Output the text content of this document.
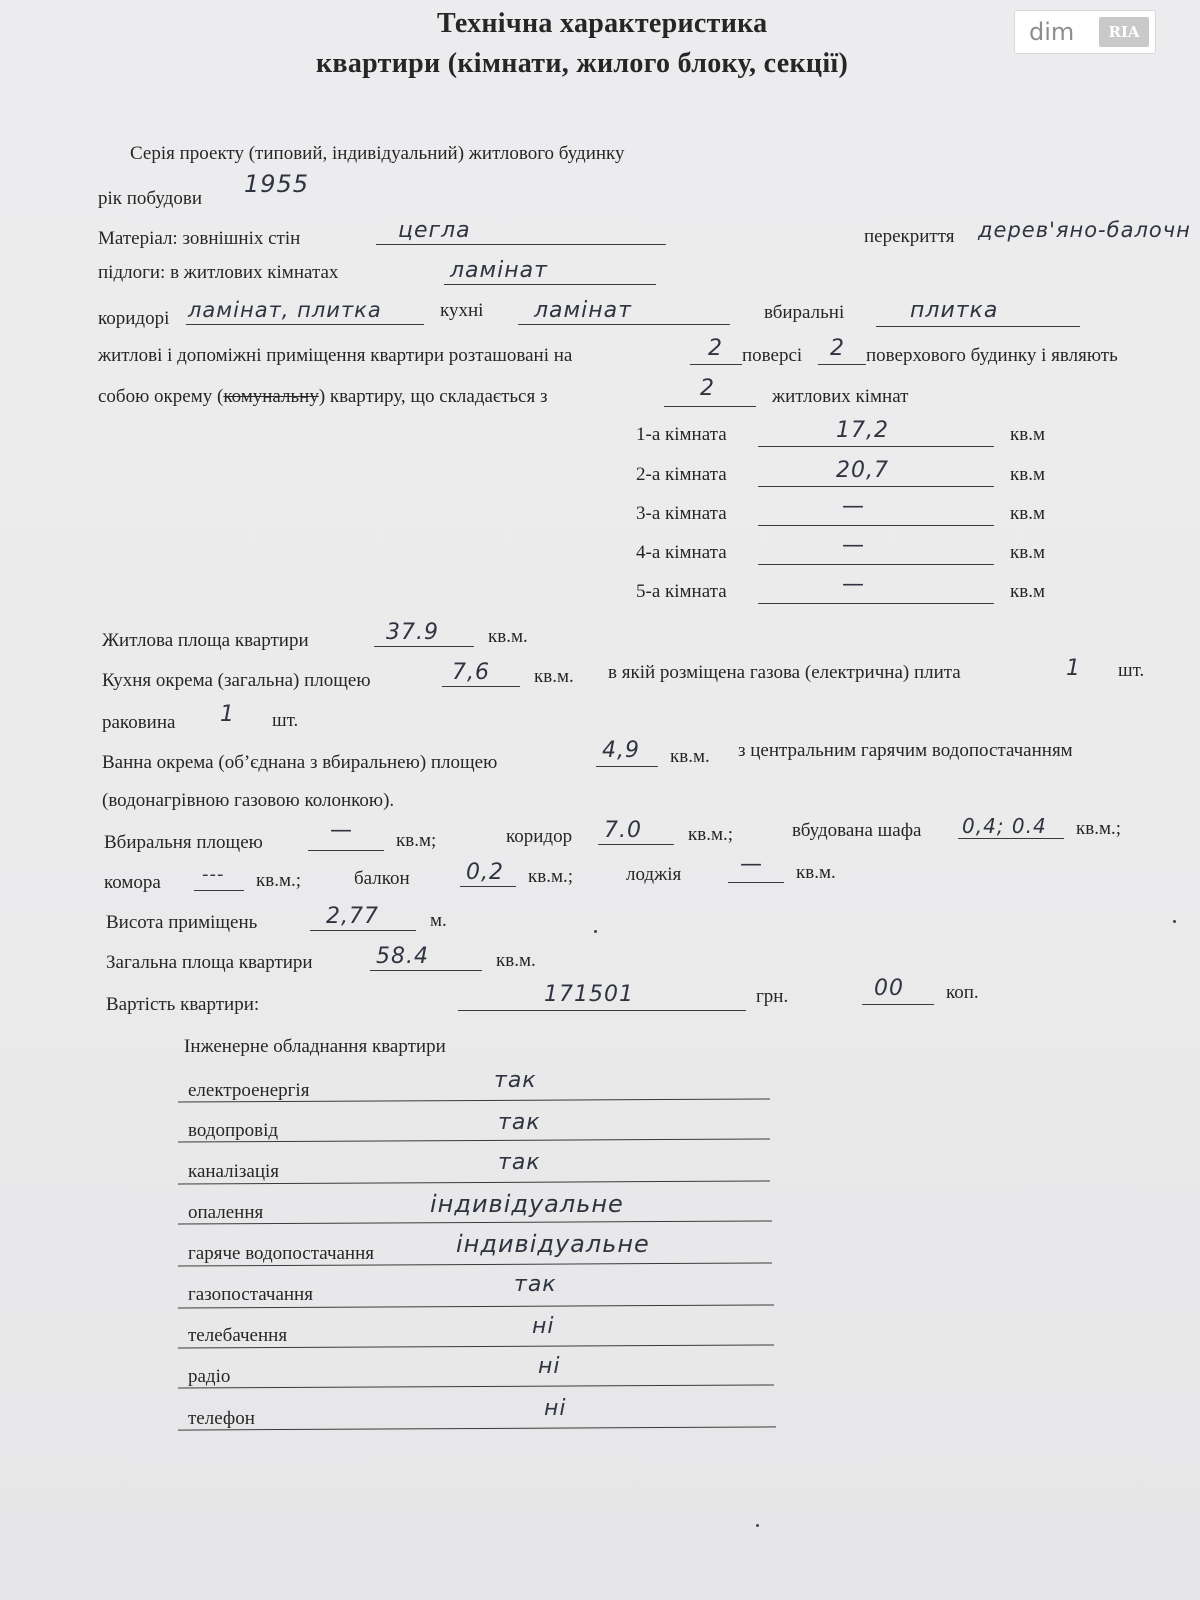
dim	RIA
Технічна характеристика
квартири (кімнати, жилого блоку, секції)
Серія проекту (типовий, індивідуальний) житлового будинку
рік побудови
1955
Матеріал: зовнішніх стін	цегла	перекриття дерев'яно-балочн
підлоги: в житлових кімнатах	ламінат
коридорі ламінат, плитка	кухні ламінат	вбиральні	плитка
житлові і допоміжні приміщення квартири розташовані на	2 поверсі 2 поверхового будинку і являють
собою окрему (комунальну) квартиру, що складається з	2	житлових кімнат
1-а кімната	17,2	кв.м
2-а кімната	20,7	кв.м
3-а кімната	—	кв.м
4-а кімната	—	кв.м
5-а кімната	—	кв.м
Житлова площа квартири	37.9	кв.м.
Кухня окрема (загальна) площею	7,6 кв.м. в якій розміщена газова (електрична) плита	1 шт.
раковина 1 шт.
Ванна окрема (об’єднана з вбиральнею) площею	4,9 кв.м. з центральним гарячим водопостачанням
(водонагрівною газовою колонкою).
Вбиральня площею	— кв.м;	коридор 7.0 кв.м.;	вбудована шафа 0,4; 0.4 кв.м.;
комора --- кв.м.;	балкон	0,2 кв.м.;	лоджія	— кв.м.
Висота приміщень	2,77	м.
Загальна площа квартири	58.4	кв.м.
Вартість квартири:	171501	грн.	00 коп.
Інженерне обладнання квартири
електроенергія	так
водопровід	так
каналізація	так
опалення	індивідуальне
гаряче водопостачання	індивідуальне
газопостачання	так
телебачення	ні
радіо	ні
телефон	ні
